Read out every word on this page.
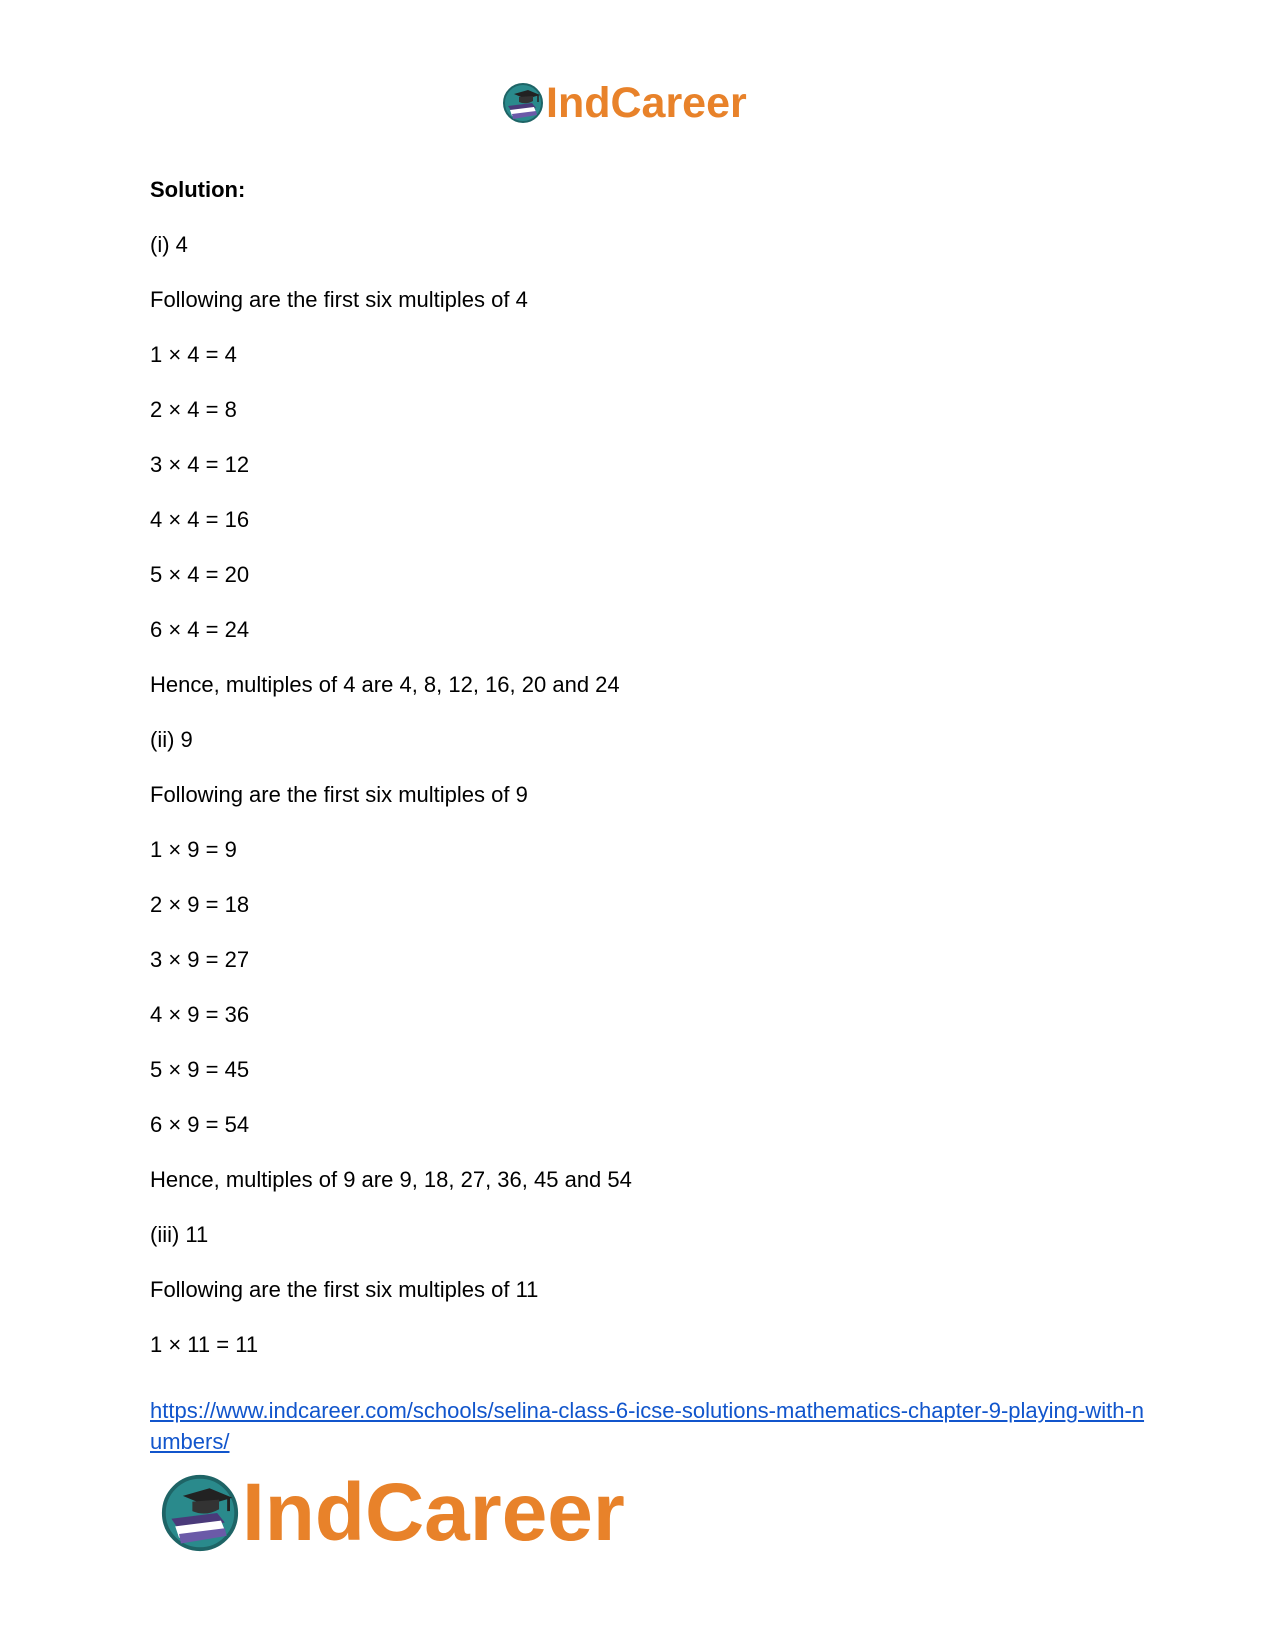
IndCareer
Solution:
(i) 4
Following are the first six multiples of 4
1 × 4 = 4
2 × 4 = 8
3 × 4 = 12
4 × 4 = 16
5 × 4 = 20
6 × 4 = 24
Hence, multiples of 4 are 4, 8, 12, 16, 20 and 24
(ii) 9
Following are the first six multiples of 9
1 × 9 = 9
2 × 9 = 18
3 × 9 = 27
4 × 9 = 36
5 × 9 = 45
6 × 9 = 54
Hence, multiples of 9 are 9, 18, 27, 36, 45 and 54
(iii) 11
Following are the first six multiples of 11
1 × 11 = 11
https://www.indcareer.com/schools/selina-class-6-icse-solutions-mathematics-chapter-9-playing-with-numbers/
IndCareer
